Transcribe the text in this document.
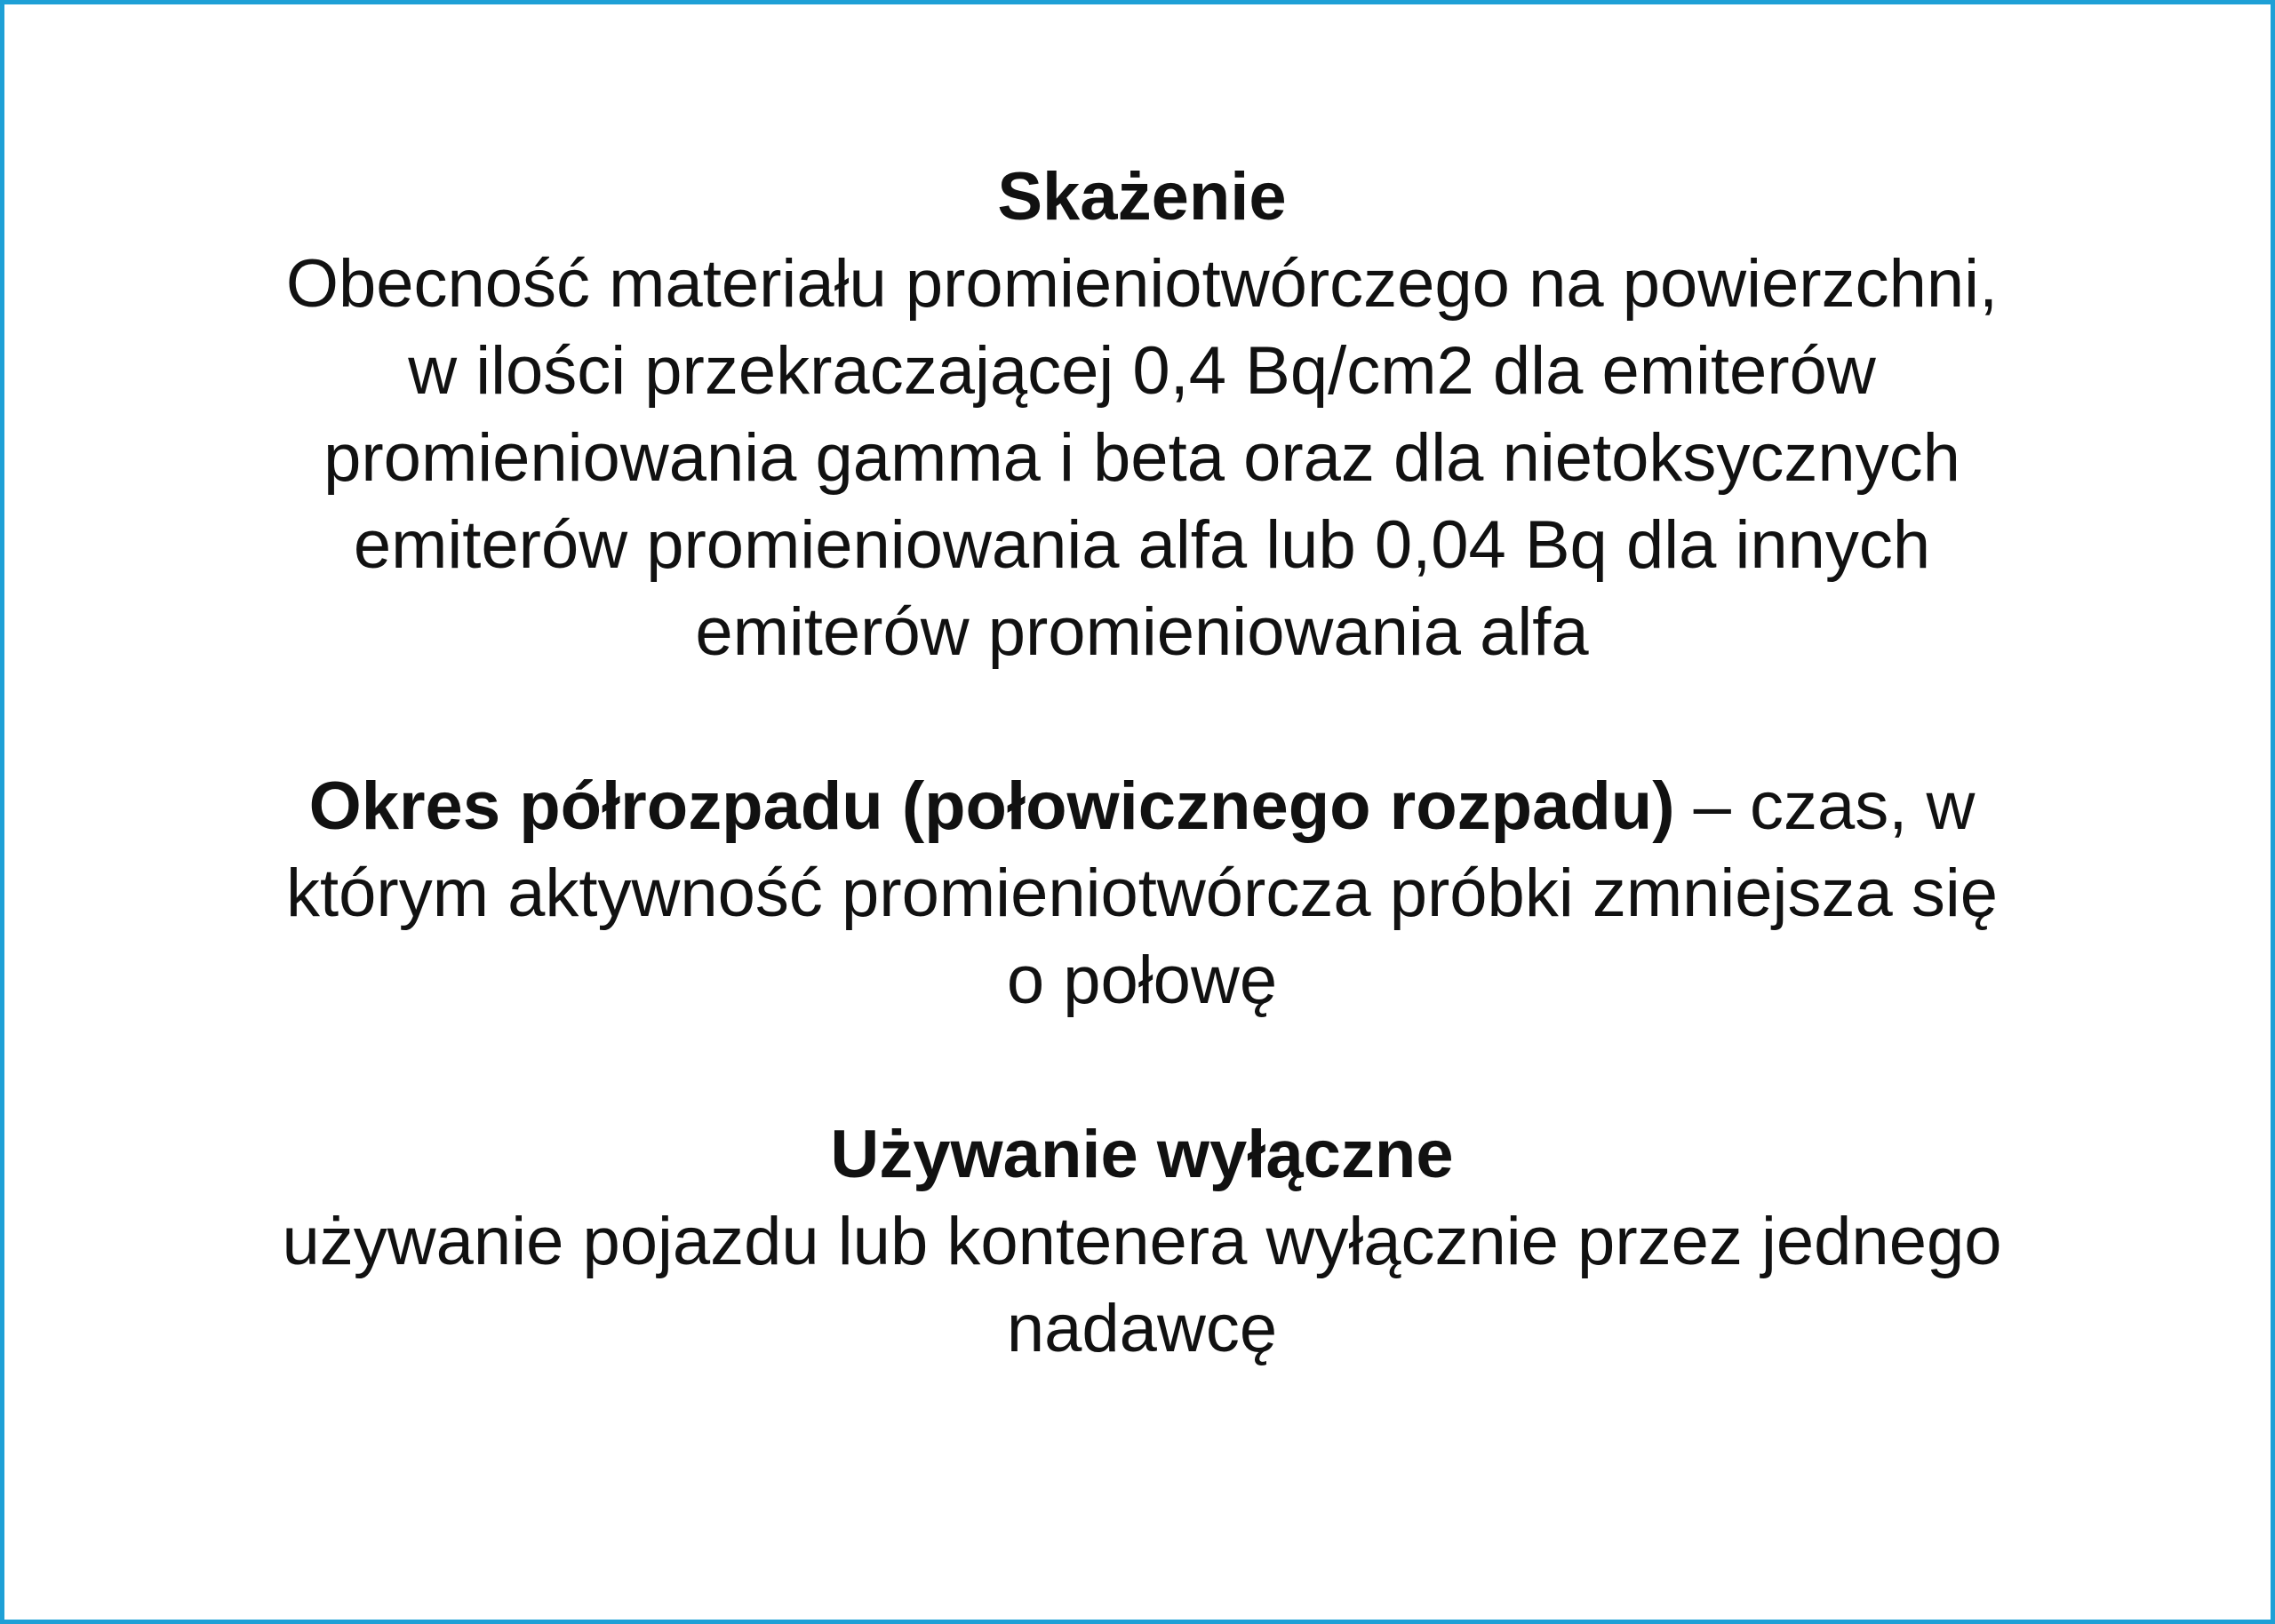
Skażenie
Obecność materiału promieniotwórczego na powierzchni,
w ilości przekraczającej 0,4 Bq/cm2 dla emiterów
promieniowania gamma i beta oraz dla nietoksycznych
emiterów promieniowania alfa lub 0,04 Bq dla innych
emiterów promieniowania alfa

Okres półrozpadu (połowicznego rozpadu) – czas, w
którym aktywność promieniotwórcza próbki zmniejsza się
o połowę

Używanie wyłączne
używanie pojazdu lub kontenera wyłącznie przez jednego
nadawcę
